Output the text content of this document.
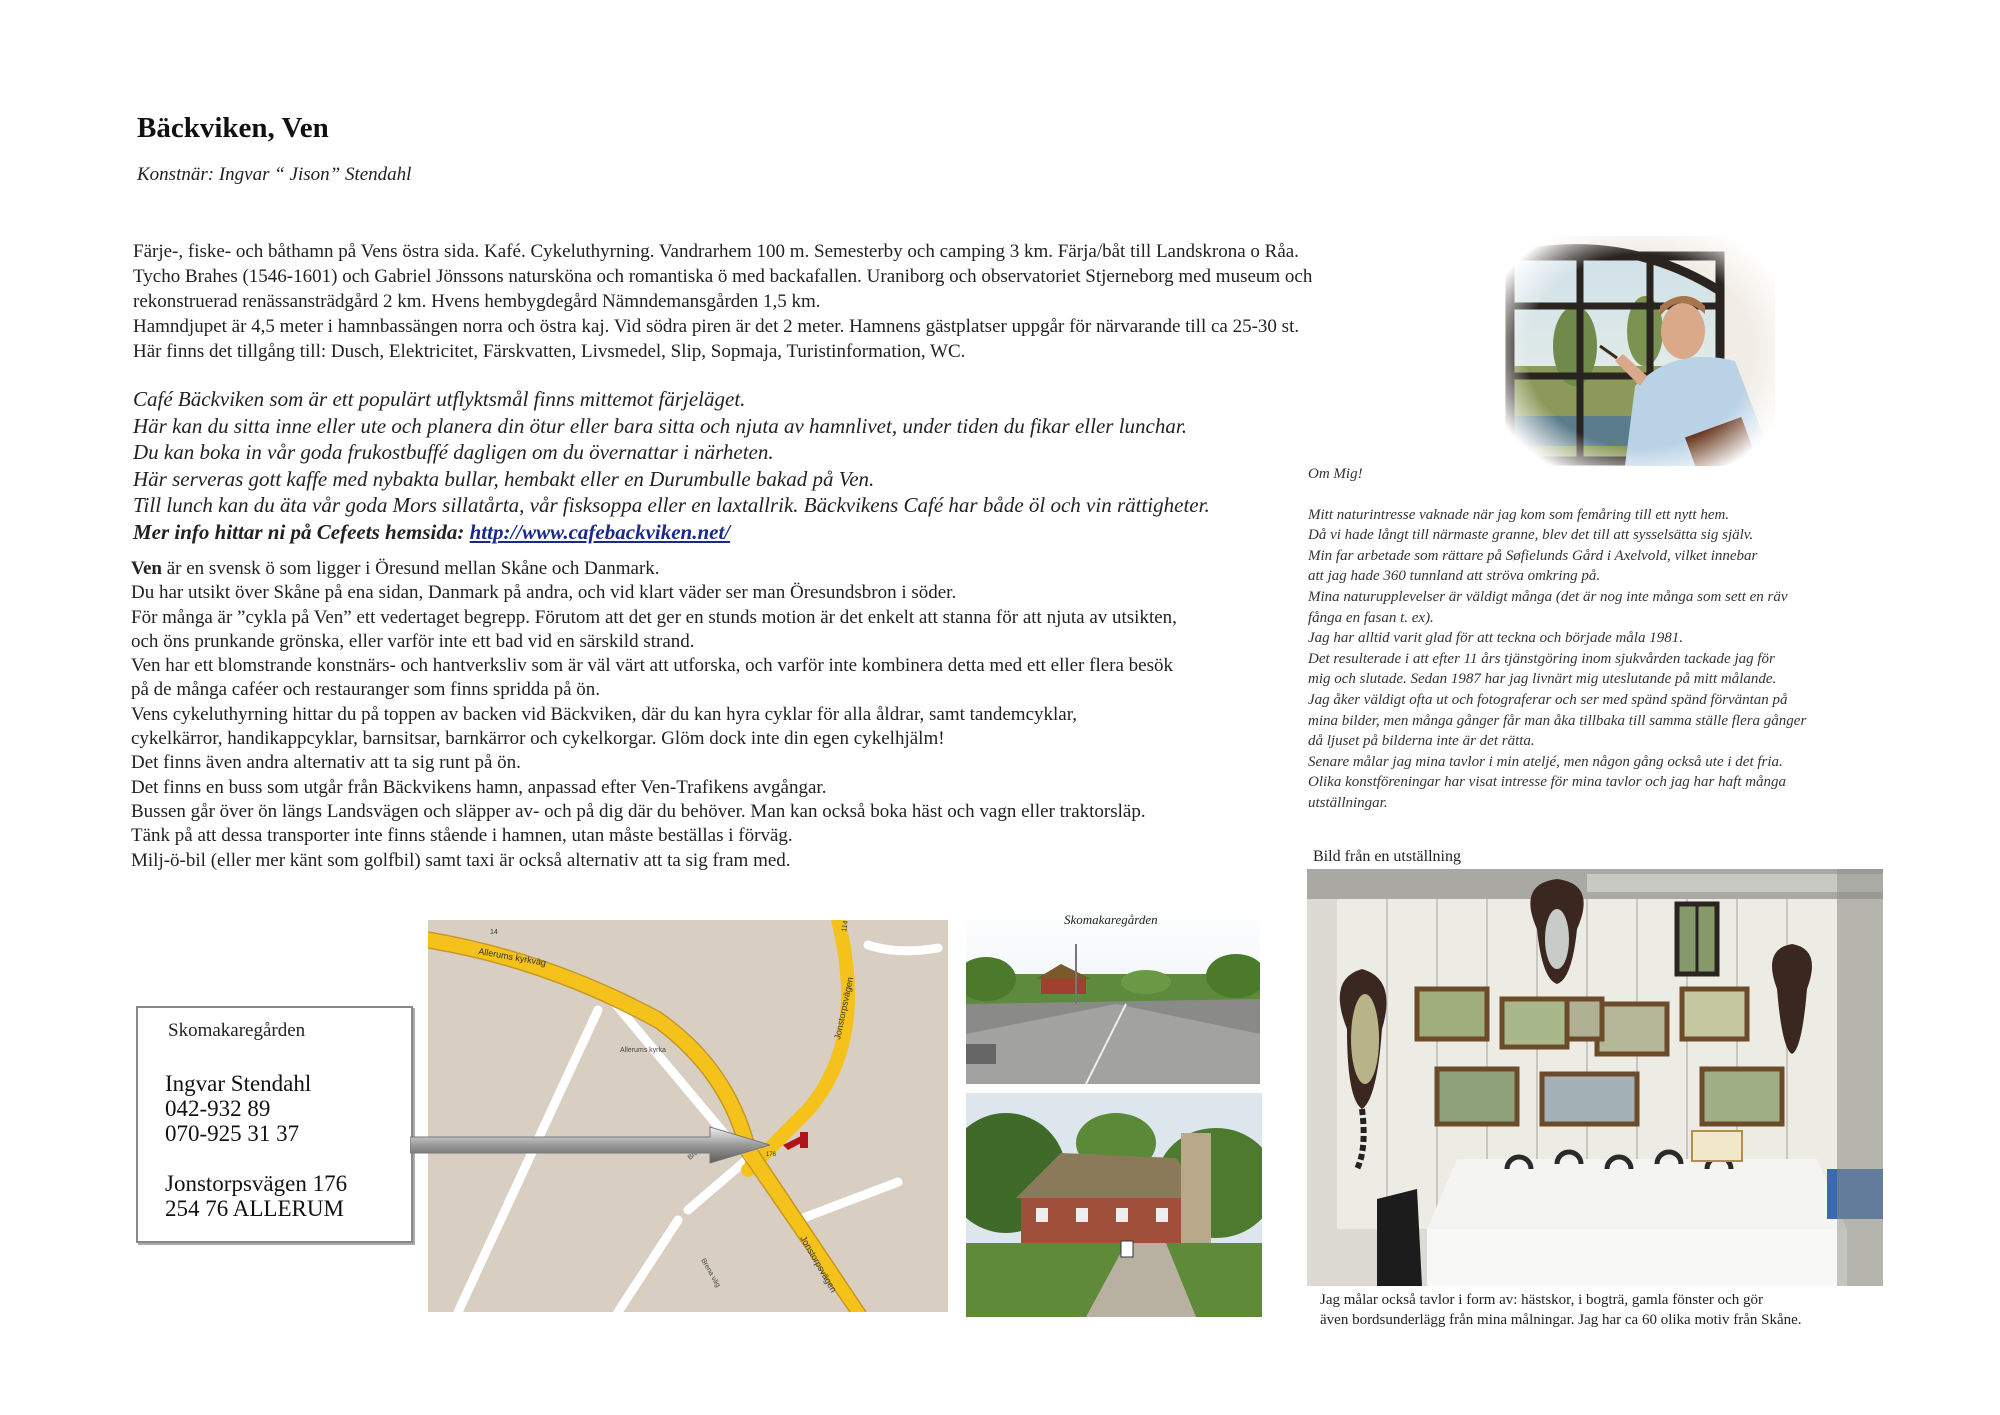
Bäckviken, Ven
Konstnär: Ingvar “ Jison” Stendahl

Färje-, fiske- och båthamn på Vens östra sida. Kafé. Cykeluthyrning. Vandrarhem 100 m. Semesterby och camping 3 km. Färja/båt till Landskrona o Råa.

Tycho Brahes (1546-1601) och Gabriel Jönssons natursköna och romantiska ö med backafallen. Uraniborg och observatoriet Stjerneborg med museum och

rekonstruerad renässansträdgård 2 km. Hvens hembygdegård Nämndemansgården 1,5 km.

Hamndjupet är 4,5 meter i hamnbassängen norra och östra kaj. Vid södra piren är det 2 meter. Hamnens gästplatser uppgår för närvarande till ca 25-30 st.

Här finns det tillgång till: Dusch, Elektricitet, Färskvatten, Livsmedel, Slip, Sopmaja, Turistinformation, WC.

Café Bäckviken som är ett populärt utflyktsmål finns mittemot färjeläget.

Här kan du sitta inne eller ute och planera din ötur eller bara sitta och njuta av hamnlivet, under tiden du fikar eller lunchar.

Du kan boka in vår goda frukostbuffé dagligen om du övernattar i närheten.

Här serveras gott kaffe med nybakta bullar, hembakt eller en Durumbulle bakad på Ven.

Till lunch kan du äta vår goda Mors sillatårta, vår fisksoppa eller en laxtallrik. Bäckvikens Café har både öl och vin rättigheter.

Mer info hittar ni på Cefeets hemsida: http://www.cafebackviken.net/

Ven är en svensk ö som ligger i Öresund mellan Skåne och Danmark.

Du har utsikt över Skåne på ena sidan, Danmark på andra, och vid klart väder ser man Öresundsbron i söder.

För många är ”cykla på Ven” ett vedertaget begrepp. Förutom att det ger en stunds motion är det enkelt att stanna för att njuta av utsikten,

och öns prunkande grönska, eller varför inte ett bad vid en särskild strand.

Ven har ett blomstrande konstnärs- och hantverksliv som är väl värt att utforska, och varför inte kombinera detta med ett eller flera besök

på de många caféer och restauranger som finns spridda på ön.

Vens cykeluthyrning hittar du på toppen av backen vid Bäckviken, där du kan hyra cyklar för alla åldrar, samt tandemcyklar,

cykelkärror, handikappcyklar, barnsitsar, barnkärror och cykelkorgar. Glöm dock inte din egen cykelhjälm!

Det finns även andra alternativ att ta sig runt på ön.

Det finns en buss som utgår från Bäckvikens hamn, anpassad efter Ven-Trafikens avgångar.

Bussen går över ön längs Landsvägen och släpper av- och på dig där du behöver. Man kan också boka häst och vagn eller traktorsläp.

Tänk på att dessa transporter inte finns stående i hamnen, utan måste beställas i förväg.

Milj-ö-bil (eller mer känt som golfbil) samt taxi är också alternativ att ta sig fram med.

Om Mig!

Mitt naturintresse vaknade när jag kom som femåring till ett nytt hem.

Då vi hade långt till närmaste granne, blev det till att sysselsätta sig själv.

Min far arbetade som rättare på Søfielunds Gård i Axelvold, vilket innebar

att jag hade 360 tunnland att ströva omkring på.

Mina naturupplevelser är väldigt många (det är nog inte många som sett en räv

fånga en fasan t. ex).

Jag har alltid varit glad för att teckna och började måla 1981.

Det resulterade i att efter 11 års tjänstgöring inom sjukvården tackade jag för

mig och slutade. Sedan 1987 har jag livnärt mig uteslutande på mitt målande.

Jag åker väldigt ofta ut och fotograferar och ser med spänd spänd förväntan på

mina bilder, men många gånger får man åka tillbaka till samma ställe flera gånger

då ljuset på bilderna inte är det rätta.

Senare målar jag mina tavlor i min ateljé, men någon gång också ute i det fria.

Olika konstföreningar har visat intresse för mina tavlor och jag har haft många

utställningar.

Bild från en utställning

Jag målar också tavlor i form av: hästskor, i bogträ, gamla fönster och gör

även bordsunderlägg från mina målningar. Jag har ca 60 olika motiv från Skåne.

Skomakaregården

Ingvar Stendahl

042-932 89

070-925 31 37

Jonstorpsvägen 176

254 76 ALLERUM

Allerums kyrkväg
Allerums kyrka
Jonstorpsvägen
Jonstorpsvägen
Brena väg
14
114
176
Skomakaregården
